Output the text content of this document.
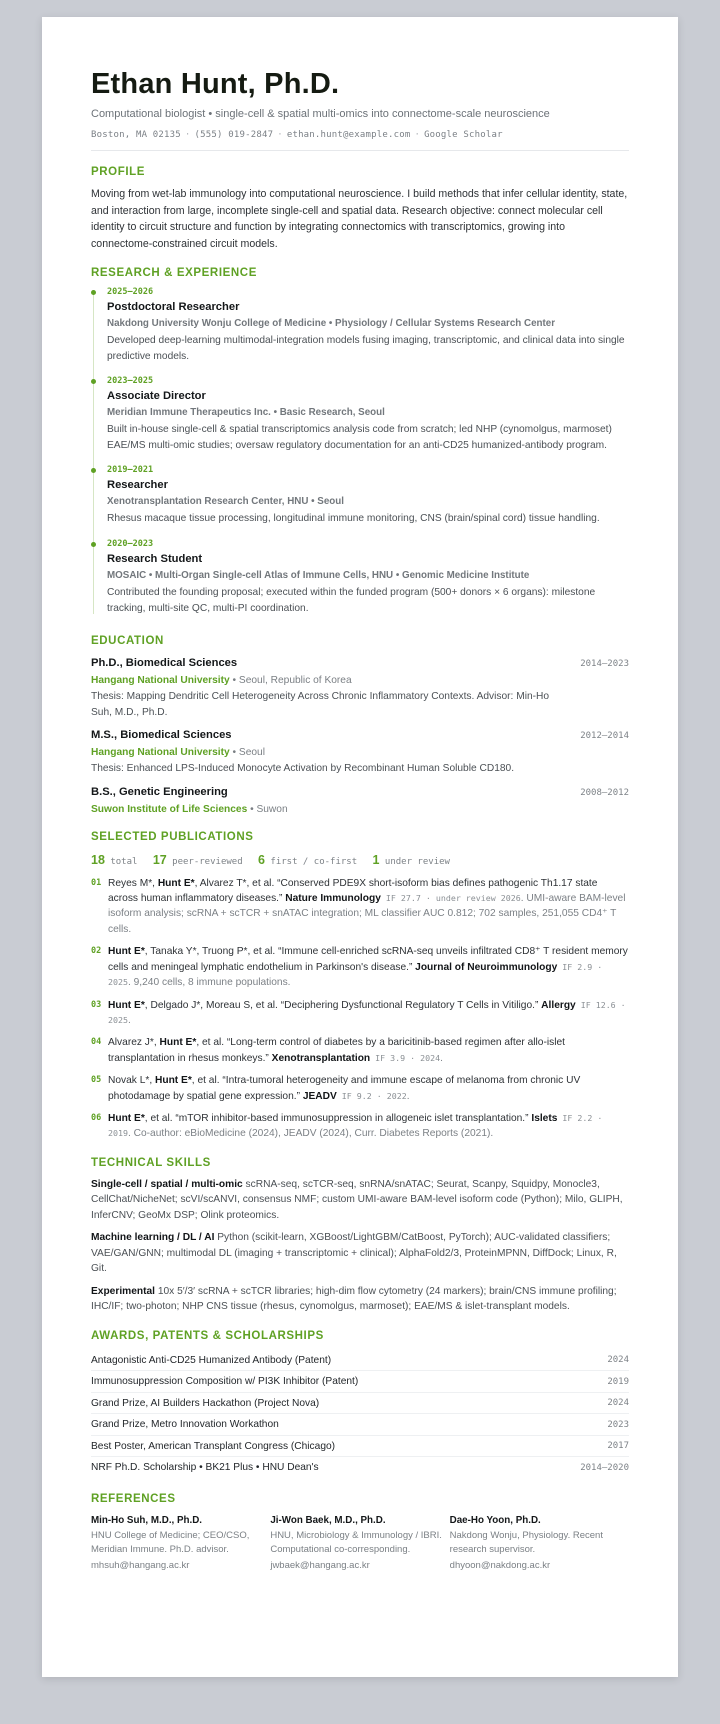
Ethan Hunt, Ph.D.
Computational biologist • single-cell & spatial multi-omics into connectome-scale neuroscience
Boston, MA 02135 · (555) 019-2847 · ethan.hunt@example.com · Google Scholar
PROFILE
Moving from wet-lab immunology into computational neuroscience. I build methods that infer cellular identity, state, and interaction from large, incomplete single-cell and spatial data. Research objective: connect molecular cell identity to circuit structure and function by integrating connectomics with transcriptomics, growing into connectome-constrained circuit models.
RESEARCH & EXPERIENCE
2025–2026
Postdoctoral Researcher
Nakdong University Wonju College of Medicine • Physiology / Cellular Systems Research Center
Developed deep-learning multimodal-integration models fusing imaging, transcriptomic, and clinical data into single predictive models.
2023–2025
Associate Director
Meridian Immune Therapeutics Inc. • Basic Research, Seoul
Built in-house single-cell & spatial transcriptomics analysis code from scratch; led NHP (cynomolgus, marmoset) EAE/MS multi-omic studies; oversaw regulatory documentation for an anti-CD25 humanized-antibody program.
2019–2021
Researcher
Xenotransplantation Research Center, HNU • Seoul
Rhesus macaque tissue processing, longitudinal immune monitoring, CNS (brain/spinal cord) tissue handling.
2020–2023
Research Student
MOSAIC • Multi-Organ Single-cell Atlas of Immune Cells, HNU • Genomic Medicine Institute
Contributed the founding proposal; executed within the funded program (500+ donors × 6 organs): milestone tracking, multi-site QC, multi-PI coordination.
EDUCATION
Ph.D., Biomedical Sciences	2014–2023
Hangang National University • Seoul, Republic of Korea
Thesis: Mapping Dendritic Cell Heterogeneity Across Chronic Inflammatory Contexts. Advisor: Min-Ho Suh, M.D., Ph.D.
M.S., Biomedical Sciences	2012–2014
Hangang National University • Seoul
Thesis: Enhanced LPS-Induced Monocyte Activation by Recombinant Human Soluble CD180.
B.S., Genetic Engineering	2008–2012
Suwon Institute of Life Sciences • Suwon
SELECTED PUBLICATIONS
18 total 17 peer-reviewed 6 first / co-first 1 under review
01 Reyes M*, Hunt E*, Alvarez T*, et al. “Conserved PDE9X short-isoform bias defines pathogenic Th1.17 state across human inflammatory diseases.” Nature Immunology IF 27.7 · under review 2026. UMI-aware BAM-level isoform analysis; scRNA + scTCR + snATAC integration; ML classifier AUC 0.812; 702 samples, 251,055 CD4⁺ T cells.
02 Hunt E*, Tanaka Y*, Truong P*, et al. “Immune cell-enriched scRNA-seq unveils infiltrated CD8⁺ T resident memory cells and meningeal lymphatic endothelium in Parkinson's disease.” Journal of Neuroimmunology IF 2.9 · 2025. 9,240 cells, 8 immune populations.
03 Hunt E*, Delgado J*, Moreau S, et al. “Deciphering Dysfunctional Regulatory T Cells in Vitiligo.” Allergy IF 12.6 · 2025.
04 Alvarez J*, Hunt E*, et al. “Long-term control of diabetes by a baricitinib-based regimen after allo-islet transplantation in rhesus monkeys.” Xenotransplantation IF 3.9 · 2024.
05 Novak L*, Hunt E*, et al. “Intra-tumoral heterogeneity and immune escape of melanoma from chronic UV photodamage by spatial gene expression.” JEADV IF 9.2 · 2022.
06 Hunt E*, et al. “mTOR inhibitor-based immunosuppression in allogeneic islet transplantation.” Islets IF 2.2 · 2019. Co-author: eBioMedicine (2024), JEADV (2024), Curr. Diabetes Reports (2021).
TECHNICAL SKILLS
Single-cell / spatial / multi-omic scRNA-seq, scTCR-seq, snRNA/snATAC; Seurat, Scanpy, Squidpy, Monocle3, CellChat/NicheNet; scVI/scANVI, consensus NMF; custom UMI-aware BAM-level isoform code (Python); Milo, GLIPH, InferCNV; GeoMx DSP; Olink proteomics.
Machine learning / DL / AI Python (scikit-learn, XGBoost/LightGBM/CatBoost, PyTorch); AUC-validated classifiers; VAE/GAN/GNN; multimodal DL (imaging + transcriptomic + clinical); AlphaFold2/3, ProteinMPNN, DiffDock; Linux, R, Git.
Experimental 10x 5′/3′ scRNA + scTCR libraries; high-dim flow cytometry (24 markers); brain/CNS immune profiling; IHC/IF; two-photon; NHP CNS tissue (rhesus, cynomolgus, marmoset); EAE/MS & islet-transplant models.
AWARDS, PATENTS & SCHOLARSHIPS
Antagonistic Anti-CD25 Humanized Antibody (Patent)	2024
Immunosuppression Composition w/ PI3K Inhibitor (Patent)	2019
Grand Prize, AI Builders Hackathon (Project Nova)	2024
Grand Prize, Metro Innovation Workathon	2023
Best Poster, American Transplant Congress (Chicago)	2017
NRF Ph.D. Scholarship • BK21 Plus • HNU Dean's	2014–2020
REFERENCES
Min-Ho Suh, M.D., Ph.D.
HNU College of Medicine; CEO/CSO, Meridian Immune. Ph.D. advisor.
mhsuh@hangang.ac.kr
Ji-Won Baek, M.D., Ph.D.
HNU, Microbiology & Immunology / IBRI. Computational co-corresponding.
jwbaek@hangang.ac.kr
Dae-Ho Yoon, Ph.D.
Nakdong Wonju, Physiology. Recent research supervisor.
dhyoon@nakdong.ac.kr
